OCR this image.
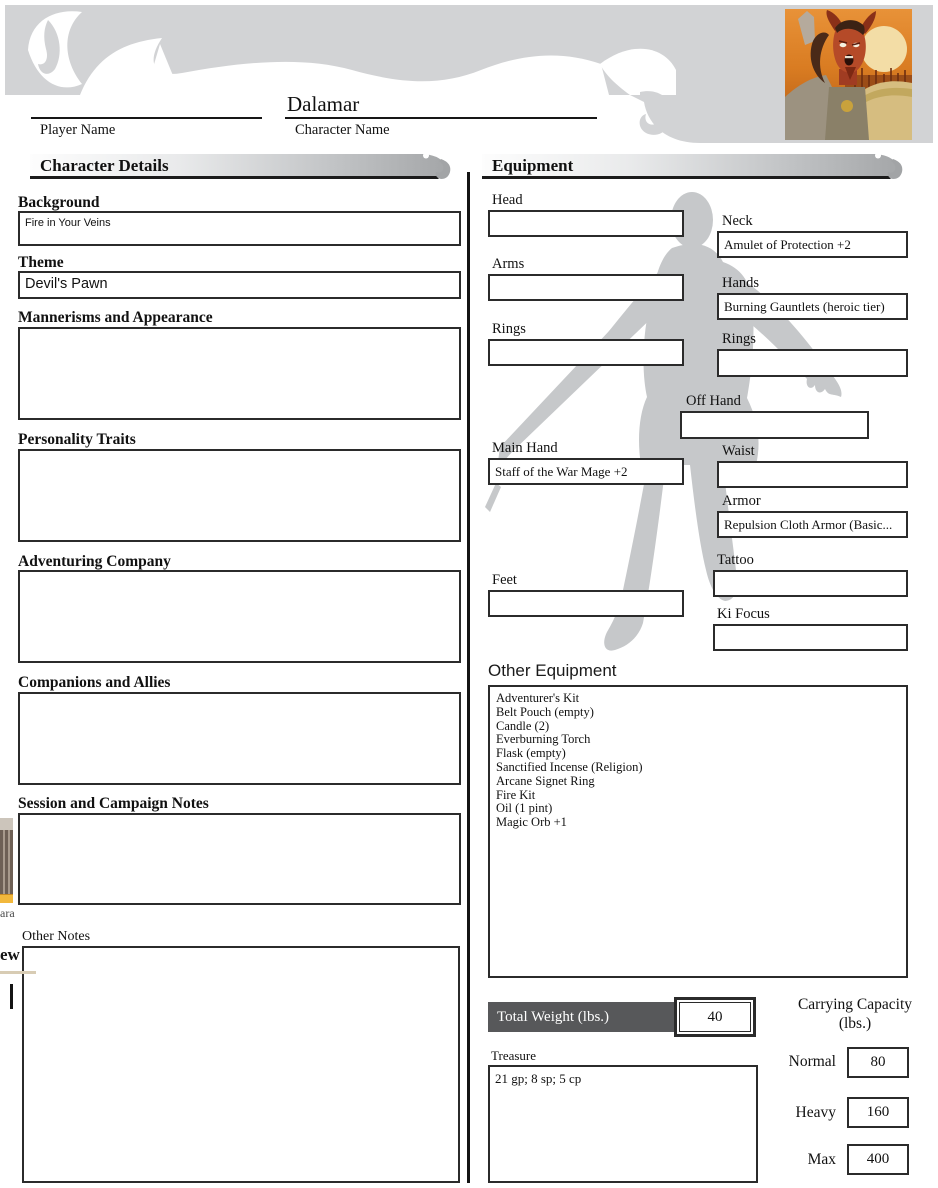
Player Name
Dalamar
Character Name
Character Details
Background
Fire in Your Veins
Theme
Devil's Pawn
Mannerisms and Appearance
Personality Traits
Adventuring Company
Companions and Allies
Session and Campaign Notes
Other Notes
Equipment
Head
Neck
Amulet of Protection +2
Arms
Hands
Burning Gauntlets (heroic tier)
Rings
Rings
Off Hand
Main Hand
Staff of the War Mage +2
Waist
Armor
Repulsion Cloth Armor (Basic...
Tattoo
Feet
Ki Focus
Other Equipment
Adventurer's Kit
Belt Pouch (empty)
Candle (2)
Everburning Torch
Flask (empty)
Sanctified Incense (Religion)
Arcane Signet Ring
Fire Kit
Oil (1 pint)
Magic Orb +1
Total Weight (lbs.)	40
Carrying Capacity
(lbs.)
Normal 80
Heavy 160
Max 400
Treasure
21 gp; 8 sp; 5 cp
ara
ew
